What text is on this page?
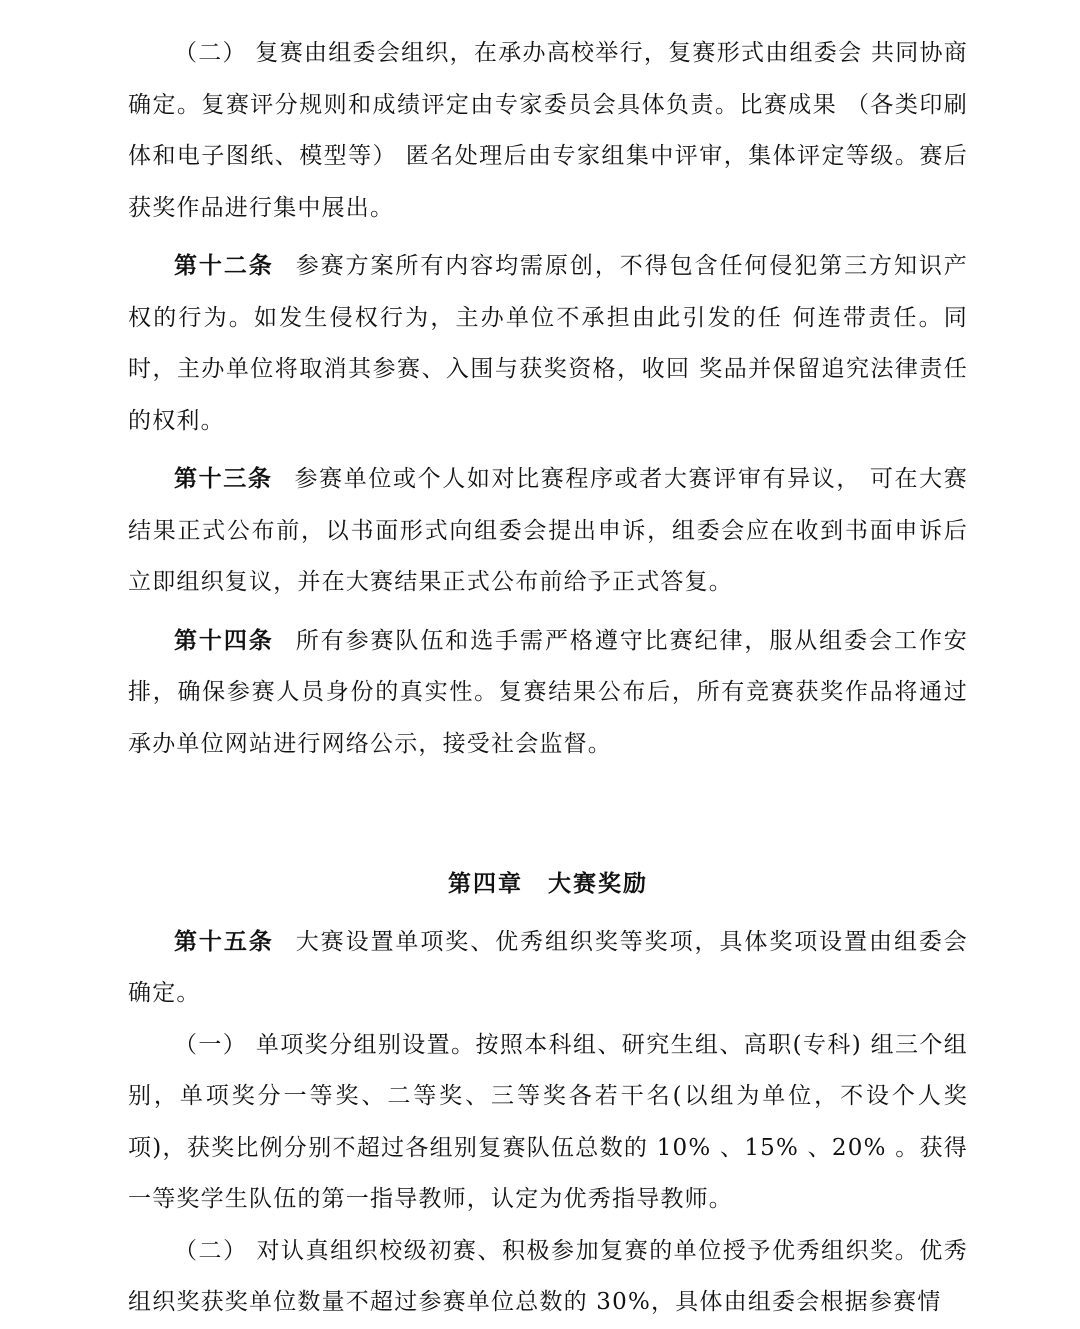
（二） 复赛由组委会组织，在承办高校举行，复赛形式由组委会 共同协商确定。复赛评分规则和成绩评定由专家委员会具体负责。比赛成果 （各类印刷体和电子图纸、模型等） 匿名处理后由专家组集中评审，集体评定等级。赛后获奖作品进行集中展出。

第十二条 参赛方案所有内容均需原创，不得包含任何侵犯第三方知识产权的行为。如发生侵权行为，主办单位不承担由此引发的任 何连带责任。同时，主办单位将取消其参赛、入围与获奖资格，收回 奖品并保留追究法律责任的权利。

第十三条 参赛单位或个人如对比赛程序或者大赛评审有异议， 可在大赛结果正式公布前，以书面形式向组委会提出申诉，组委会应在收到书面申诉后立即组织复议，并在大赛结果正式公布前给予正式答复。

第十四条 所有参赛队伍和选手需严格遵守比赛纪律，服从组委会工作安排，确保参赛人员身份的真实性。复赛结果公布后，所有竞赛获奖作品将通过承办单位网站进行网络公示，接受社会监督。

第四章　大赛奖励

第十五条 大赛设置单项奖、优秀组织奖等奖项，具体奖项设置由组委会确定。

（一） 单项奖分组别设置。按照本科组、研究生组、高职(专科) 组三个组别，单项奖分一等奖、二等奖、三等奖各若干名(以组为单位，不设个人奖项)，获奖比例分别不超过各组别复赛队伍总数的 10% 、15% 、20% 。获得一等奖学生队伍的第一指导教师，认定为优秀指导教师。

（二） 对认真组织校级初赛、积极参加复赛的单位授予优秀组织奖。优秀组织奖获奖单位数量不超过参赛单位总数的 30%，具体由组委会根据参赛情
